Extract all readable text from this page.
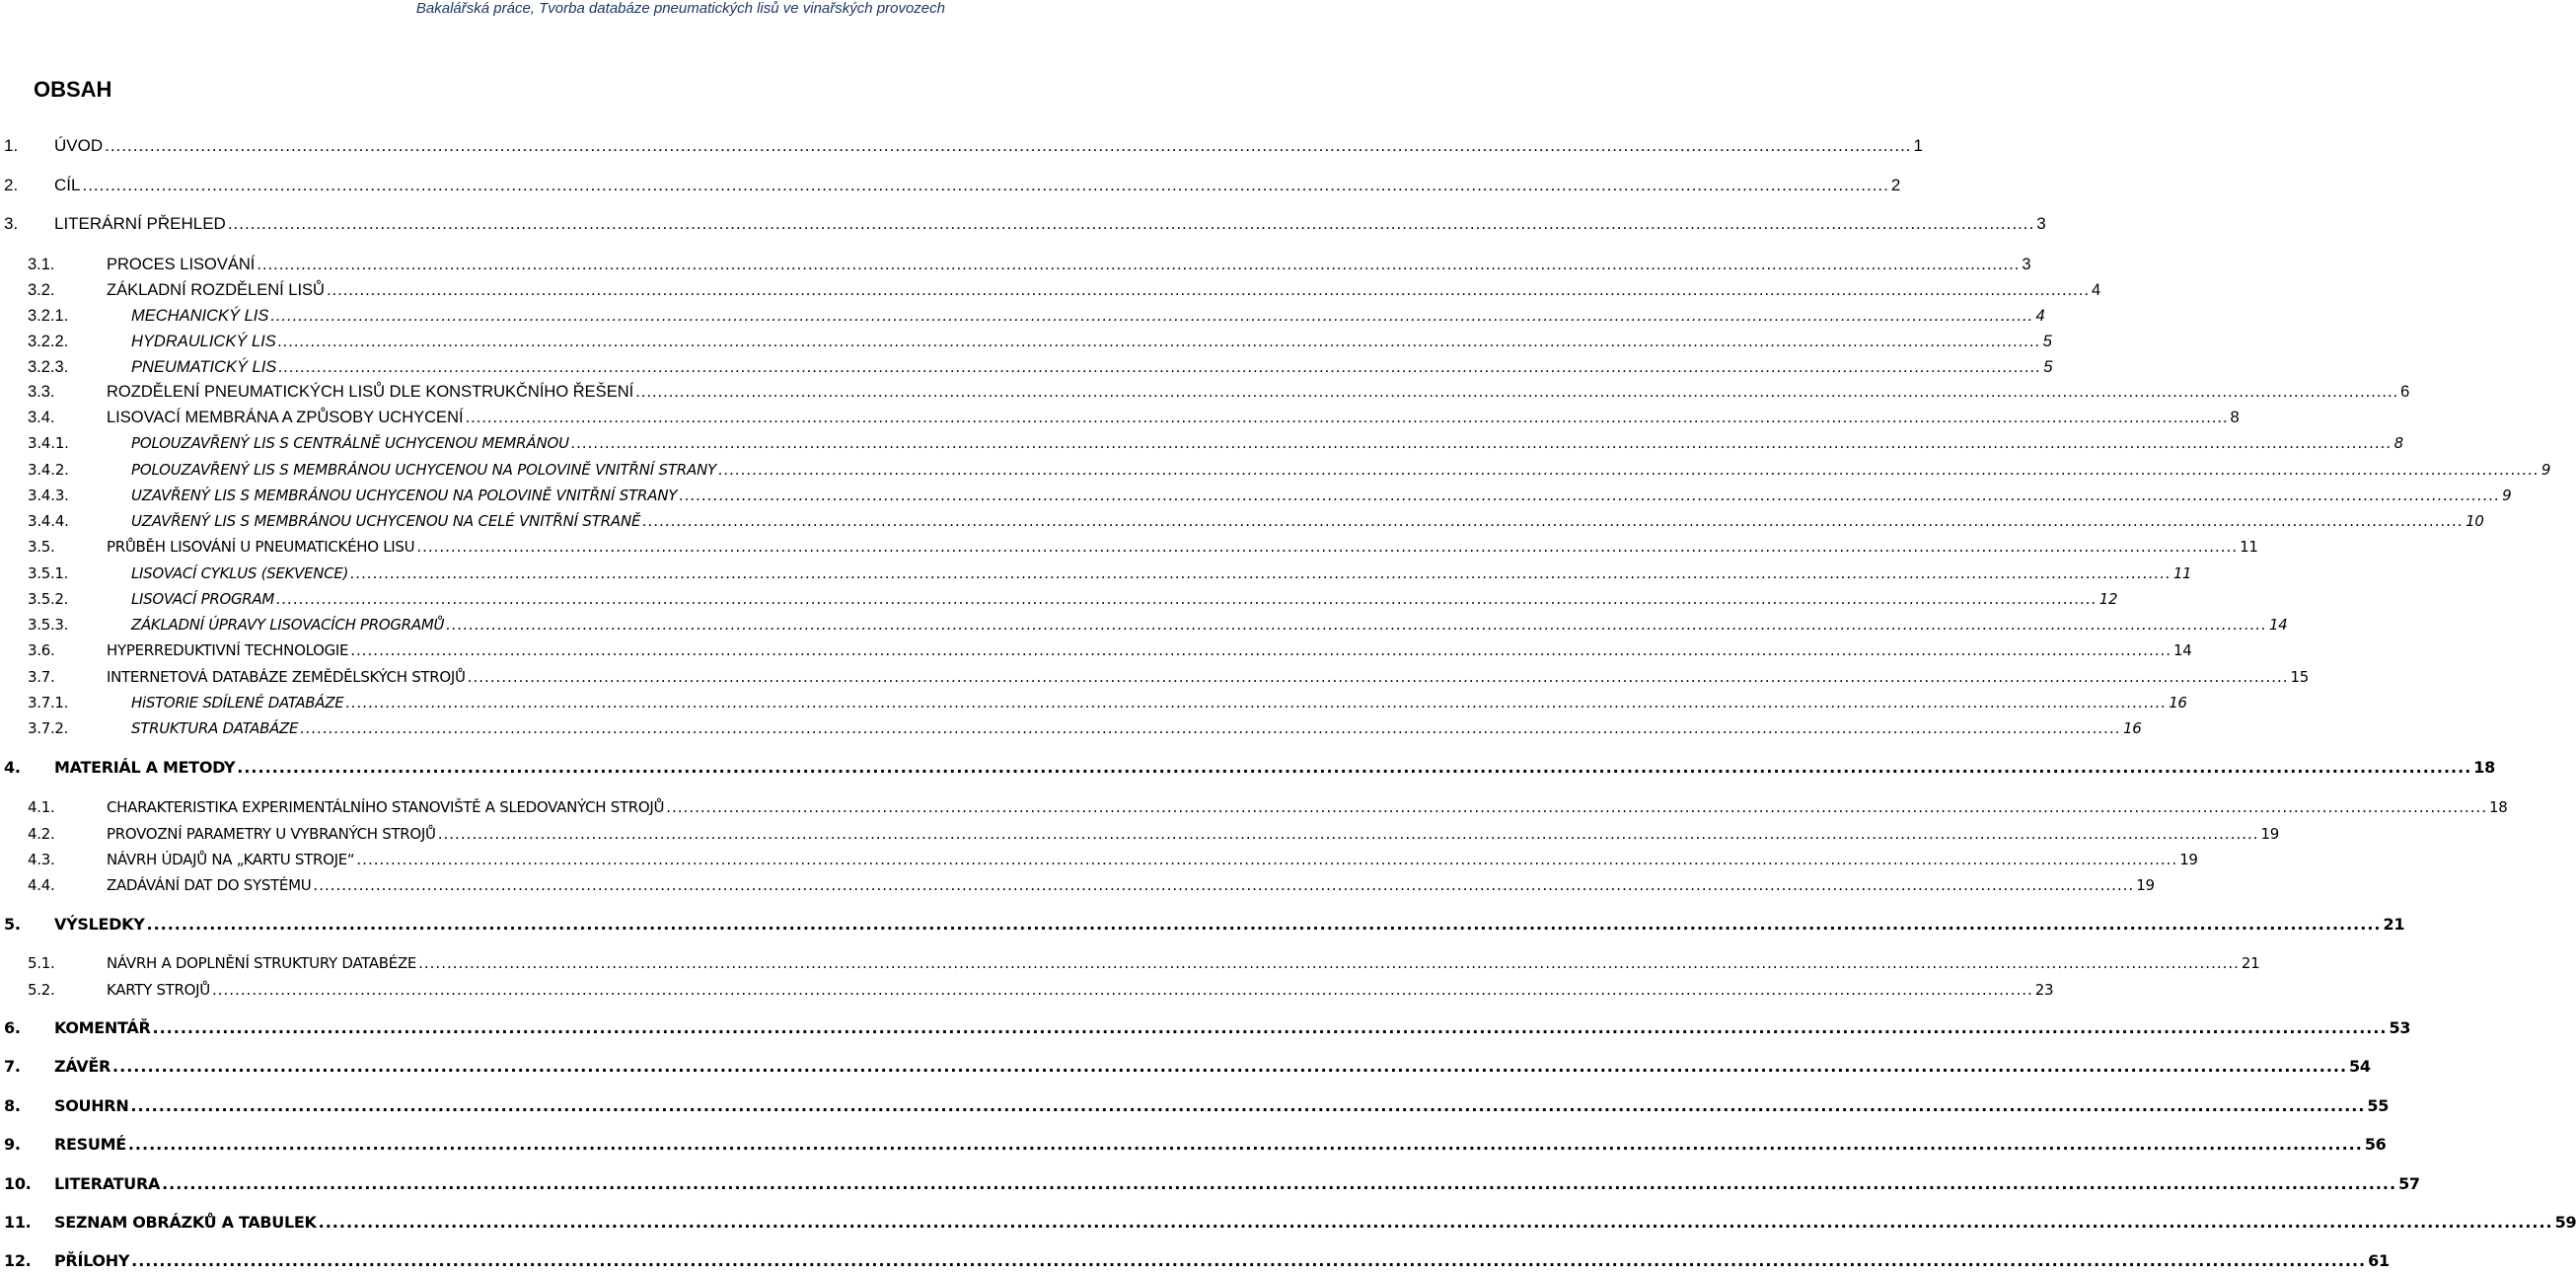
Bakalářská práce, Tvorba databáze pneumatických lisů ve vinařských provozech
OBSAH
1. ÚVOD .....	1
2. CÍL .....	2
3. LITERÁRNÍ PŘEHLED .....	3
3.1.	PROCES LISOVÁNÍ .....	3
3.2.	ZÁKLADNÍ ROZDĚLENÍ LISŮ .....	4
3.2.1.	MECHANICKÝ LIS .....	4
3.2.2.	HYDRAULICKÝ LIS .....	5
3.2.3.	PNEUMATICKÝ LIS .....	5
3.3.	ROZDĚLENÍ PNEUMATICKÝCH LISŮ DLE KONSTRUKČNÍHO ŘEŠENÍ .....	6
3.4.	LISOVACÍ MEMBRÁNA A ZPŮSOBY UCHYCENÍ .....	8
3.4.1.	POLOUZAVŘENÝ LIS S CENTRÁLNĚ UCHYCENOU MEMRÁNOU .....	8
3.4.2.	POLOUZAVŘENÝ LIS S MEMBRÁNOU UCHYCENOU NA POLOVINĚ VNITŘNÍ STRANY .....	9
3.4.3.	UZAVŘENÝ LIS S MEMBRÁNOU UCHYCENOU NA POLOVINĚ VNITŘNÍ STRANY .....	9
3.4.4.	UZAVŘENÝ LIS S MEMBRÁNOU UCHYCENOU NA CELÉ VNITŘNÍ STRANĚ .....	10
3.5.	PRŮBĚH LISOVÁNÍ U PNEUMATICKÉHO LISU .....	11
3.5.1.	LISOVACÍ CYKLUS (SEKVENCE) .....	11
3.5.2.	LISOVACÍ PROGRAM .....	12
3.5.3.	ZÁKLADNÍ ÚPRAVY LISOVACÍCH PROGRAMŮ .....	14
3.6.	HYPERREDUKTIVNÍ TECHNOLOGIE .....	14
3.7.	INTERNETOVÁ DATABÁZE ZEMĚDĚLSKÝCH STROJŮ .....	15
3.7.1.	HiSTORIE SDÍLENÉ DATABÁZE .....	16
3.7.2.	STRUKTURA DATABÁZE .....	16
4. MATERIÁL A METODY .....	18
4.1.	CHARAKTERISTIKA EXPERIMENTÁLNÍHO STANOVIŠTĚ A SLEDOVANÝCH STROJŮ .....	18
4.2.	PROVOZNÍ PARAMETRY U VYBRANÝCH STROJŮ .....	19
4.3.	NÁVRH ÚDAJŮ NA „KARTU STROJE“ .....	19
4.4.	ZADÁVÁNÍ DAT DO SYSTÉMU .....	19
5. VÝSLEDKY .....	21
5.1.	NÁVRH A DOPLNĚNÍ STRUKTURY DATABÉZE .....	21
5.2.	KARTY STROJŮ .....	23
6. KOMENTÁŘ .....	53
7. ZÁVĚR .....	54
8. SOUHRN .....	55
9. RESUMÉ .....	56
10. LITERATURA .....	57
11. SEZNAM OBRÁZKŮ A TABULEK .....	59
12. PŘÍLOHY .....	61
